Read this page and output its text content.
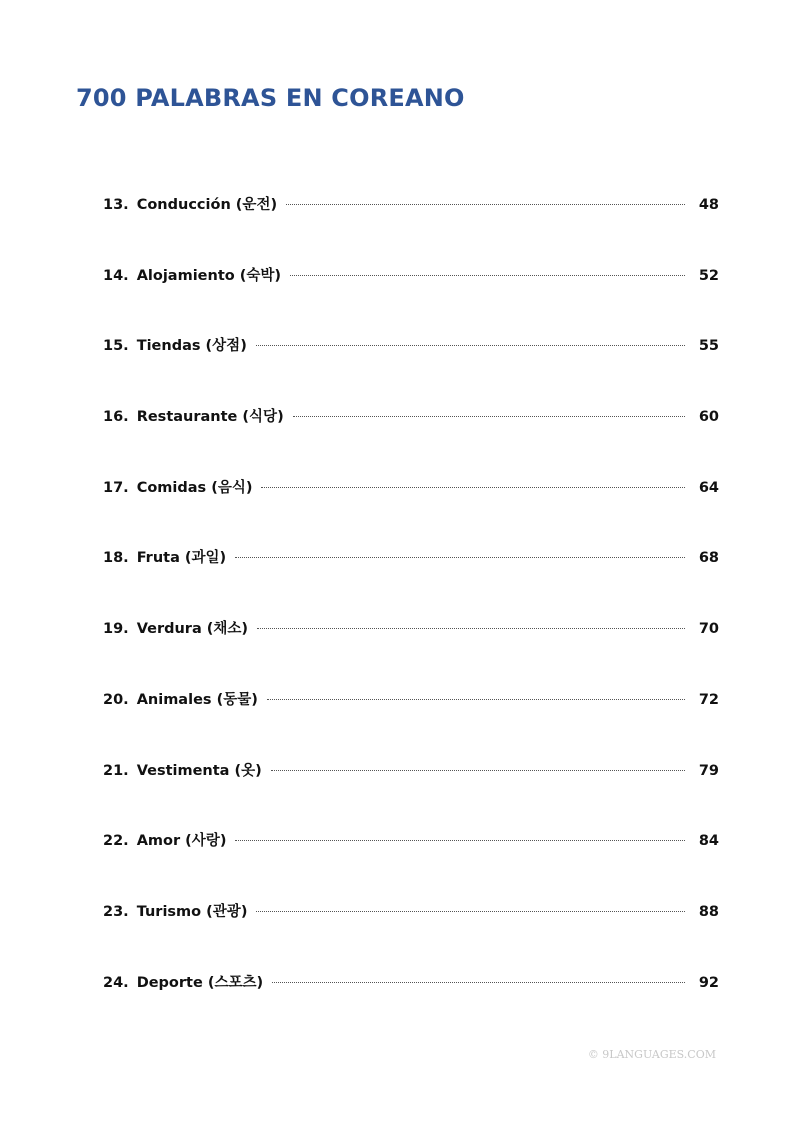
700 PALABRAS EN COREANO
13. Conducción (운전)	48
14. Alojamiento (숙박)	52
15. Tiendas (상점)	55
16. Restaurante (식당)	60
17. Comidas (음식)	64
18. Fruta (과일)	68
19. Verdura (채소)	70
20. Animales (동물)	72
21. Vestimenta (옷)	79
22. Amor (사랑)	84
23. Turismo (관광)	88
24. Deporte (스포츠)	92
© 9LANGUAGES.COM
